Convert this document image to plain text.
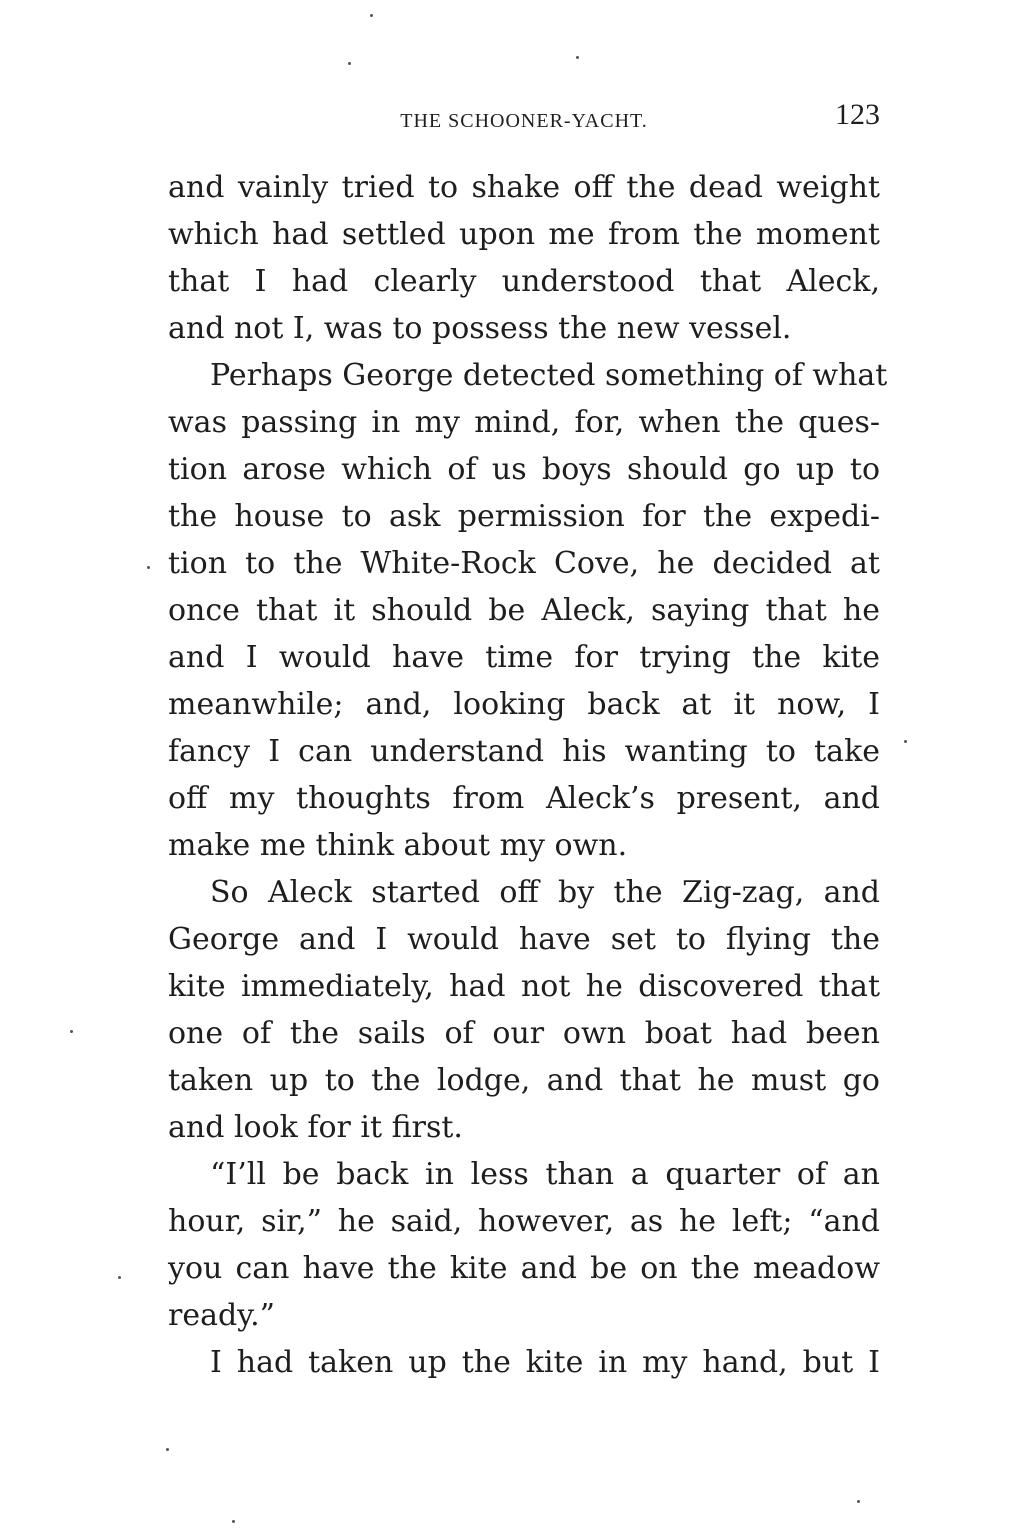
THE SCHOONER-YACHT.	123
and vainly tried to shake off the dead weight
which had settled upon me from the moment
that I had clearly understood that Aleck,
and not I, was to possess the new vessel.
Perhaps George detected something of what
was passing in my mind, for, when the ques-
tion arose which of us boys should go up to
the house to ask permission for the expedi-
tion to the White-Rock Cove, he decided at
once that it should be Aleck, saying that he
and I would have time for trying the kite
meanwhile; and, looking back at it now, I
fancy I can understand his wanting to take
off my thoughts from Aleck’s present, and
make me think about my own.
So Aleck started off by the Zig-zag, and
George and I would have set to flying the
kite immediately, had not he discovered that
one of the sails of our own boat had been
taken up to the lodge, and that he must go
and look for it first.
“I’ll be back in less than a quarter of an
hour, sir,” he said, however, as he left; “and
you can have the kite and be on the meadow
ready.”
I had taken up the kite in my hand, but I
